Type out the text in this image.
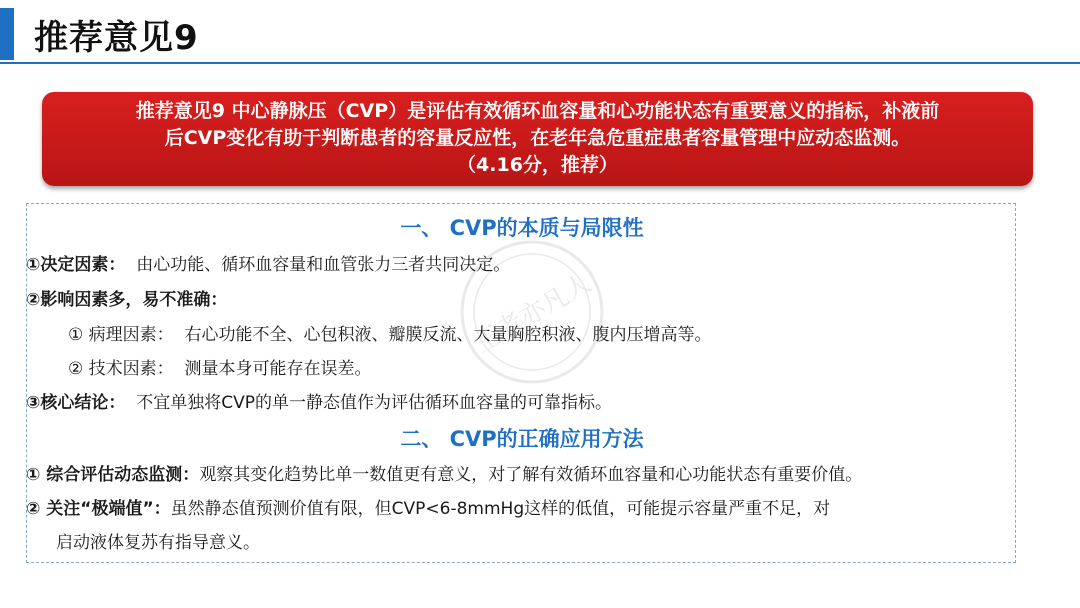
推荐意见9
推荐意见9 中心静脉压（CVP）是评估有效循环血容量和心功能状态有重要意义的指标，补液前
后CVP变化有助于判断患者的容量反应性，在老年急危重症患者容量管理中应动态监测。
（4.16分，推荐）
王者亦凡人
一、 CVP的本质与局限性
①决定因素： 由心功能、循环血容量和血管张力三者共同决定。
②影响因素多，易不准确：
① 病理因素： 右心功能不全、心包积液、瓣膜反流、大量胸腔积液、腹内压增高等。
② 技术因素： 测量本身可能存在误差。
③核心结论： 不宜单独将CVP的单一静态值作为评估循环血容量的可靠指标。
二、 CVP的正确应用方法
① 综合评估动态监测：观察其变化趋势比单一数值更有意义，对了解有效循环血容量和心功能状态有重要价值。
② 关注“极端值”：虽然静态值预测价值有限，但CVP<6-8mmHg这样的低值，可能提示容量严重不足，对
启动液体复苏有指导意义。
